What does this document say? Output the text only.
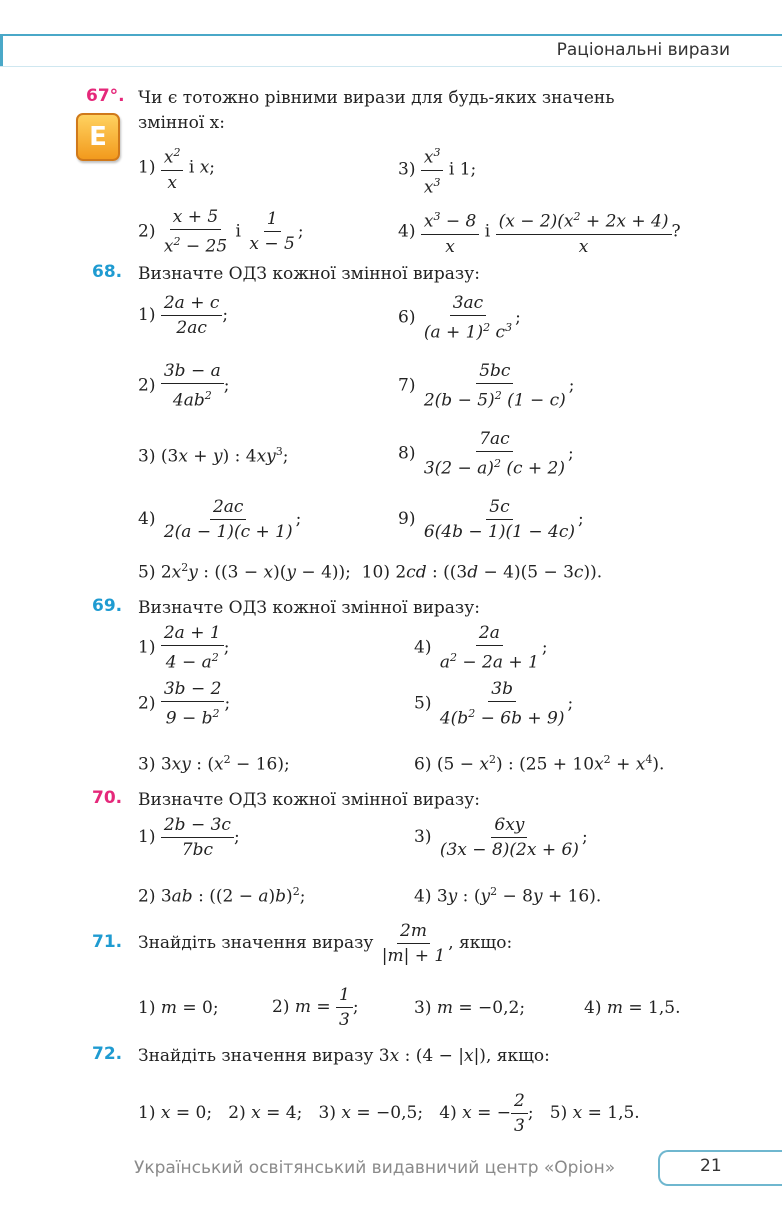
Раціональні вирази
67°. Чи є тотожно рівними вирази для будь-яких значень
змінної x:
E
$1) \frac{x^2}{x}$ і x;	$3) \frac{x^3}{x^3}$ і 1;
$2) \frac{x + 5}{x^2 - 25}$ і $\frac{1}{x - 5}$ ;	$4) \frac{x^3 - 8}{x}$ і $\frac{(x - 2)(x^2 + 2x + 4)}{x}$ ?
68. Визначте ОДЗ кожної змінної виразу:
$1) \frac{2a + c}{2ac}$ ;	$6) \frac{3ac}{(a + 1)^2 c^3}$ ;
$2) \frac{3b - a}{4ab^2}$ ;	$7) \frac{5bc}{2(b - 5)^2 (1 - c)}$ ;
3) (3x + y) : $4xy^3$;	$8) \frac{7ac}{3(2 - a)^2 (c + 2)}$ ;
$4) \frac{2ac}{2(a - 1)(c + 1)}$ ;	$9) \frac{5c}{6(4b - 1)(1 - 4c)}$ ;
5) $2x^2y$ : ((3 − x)(y − 4));  10) 2cd : ((3d − 4)(5 − 3c)).
69. Визначте ОДЗ кожної змінної виразу:
$1) \frac{2a + 1}{4 - a^2}$ ;	$4) \frac{2a}{a^2 - 2a + 1}$ ;
$2) \frac{3b - 2}{9 - b^2}$ ;	$5) \frac{3b}{4(b^2 - 6b + 9)}$ ;
3) 3xy : $(x^2 - 16)$;	6) $(5 - x^2)$ : $(25 + 10x^2 + x^4)$.
70. Визначте ОДЗ кожної змінної виразу:
$1) \frac{2b - 3c}{7bc}$ ;	$3) \frac{6xy}{(3x - 8)(2x + 6)}$ ;
2) 3ab : $((2 - a)b)^2$;	4) 3y : $(y^2 - 8y + 16)$.
71. Знайдіть значення виразу $\frac{2m}{|m| + 1}$ , якщо:
1) m = 0;	2) $m = \frac{1}{3}$ ;	3) m = −0,2;	4) m = 1,5.
72. Знайдіть значення виразу 3x : (4 − |x|), якщо:
1) x = 0;   2) x = 4;   3) x = −0,5;   4) x = − $\frac{2}{3}$ ;   5) x = 1,5.
Український освітянський видавничий центр «Оріон»	21
